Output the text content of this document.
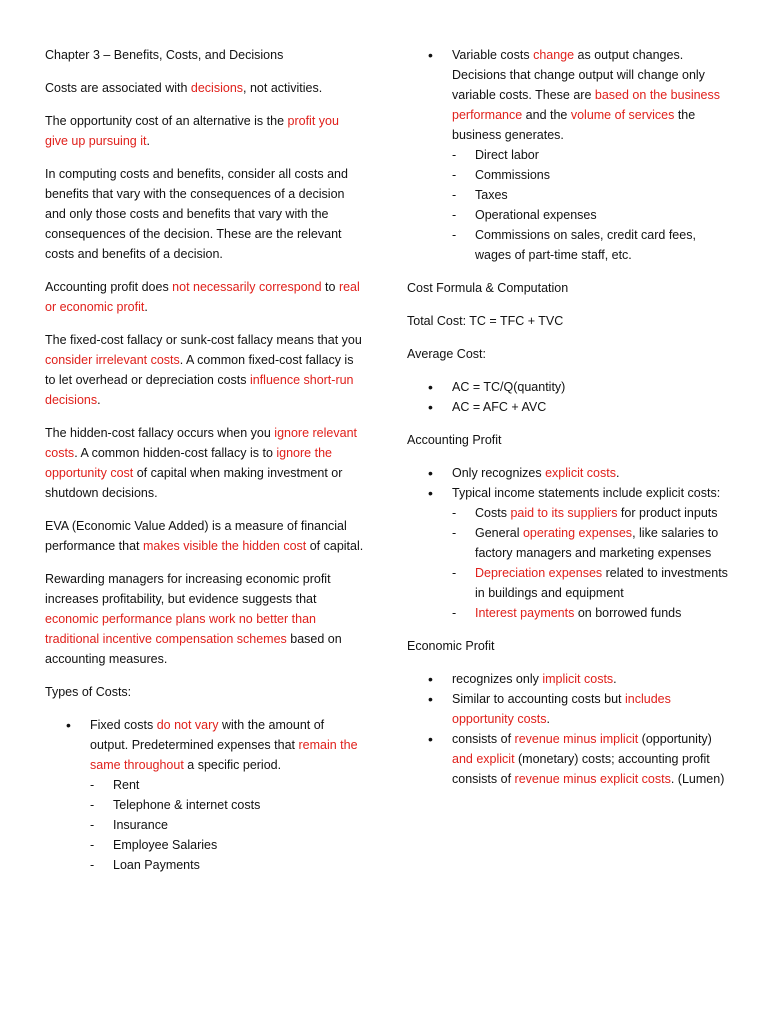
Chapter 3 – Benefits, Costs, and Decisions

Costs are associated with decisions, not activities.

The opportunity cost of an alternative is the profit you give up pursuing it.

In computing costs and benefits, consider all costs and benefits that vary with the consequences of a decision and only those costs and benefits that vary with the consequences of the decision. These are the relevant costs and benefits of a decision.

Accounting profit does not necessarily correspond to real or economic profit.

The fixed-cost fallacy or sunk-cost fallacy means that you consider irrelevant costs. A common fixed-cost fallacy is to let overhead or depreciation costs influence short-run decisions.

The hidden-cost fallacy occurs when you ignore relevant costs. A common hidden-cost fallacy is to ignore the opportunity cost of capital when making investment or shutdown decisions.

EVA (Economic Value Added) is a measure of financial performance that makes visible the hidden cost of capital.

Rewarding managers for increasing economic profit increases profitability, but evidence suggests that economic performance plans work no better than traditional incentive compensation schemes based on accounting measures.

Types of Costs:

• Fixed costs do not vary with the amount of output. Predetermined expenses that remain the same throughout a specific period.
- Rent
- Telephone & internet costs
- Insurance
- Employee Salaries
- Loan Payments
• Variable costs change as output changes. Decisions that change output will change only variable costs. These are based on the business performance and the volume of services the business generates.
- Direct labor
- Commissions
- Taxes
- Operational expenses
- Commissions on sales, credit card fees, wages of part-time staff, etc.

Cost Formula & Computation

Total Cost: TC = TFC + TVC

Average Cost:

• AC = TC/Q(quantity)
• AC = AFC + AVC

Accounting Profit

• Only recognizes explicit costs.
• Typical income statements include explicit costs:
- Costs paid to its suppliers for product inputs
- General operating expenses, like salaries to factory managers and marketing expenses
- Depreciation expenses related to investments in buildings and equipment
- Interest payments on borrowed funds

Economic Profit

• recognizes only implicit costs.
• Similar to accounting costs but includes opportunity costs.
• consists of revenue minus implicit (opportunity) and explicit (monetary) costs; accounting profit consists of revenue minus explicit costs. (Lumen)
